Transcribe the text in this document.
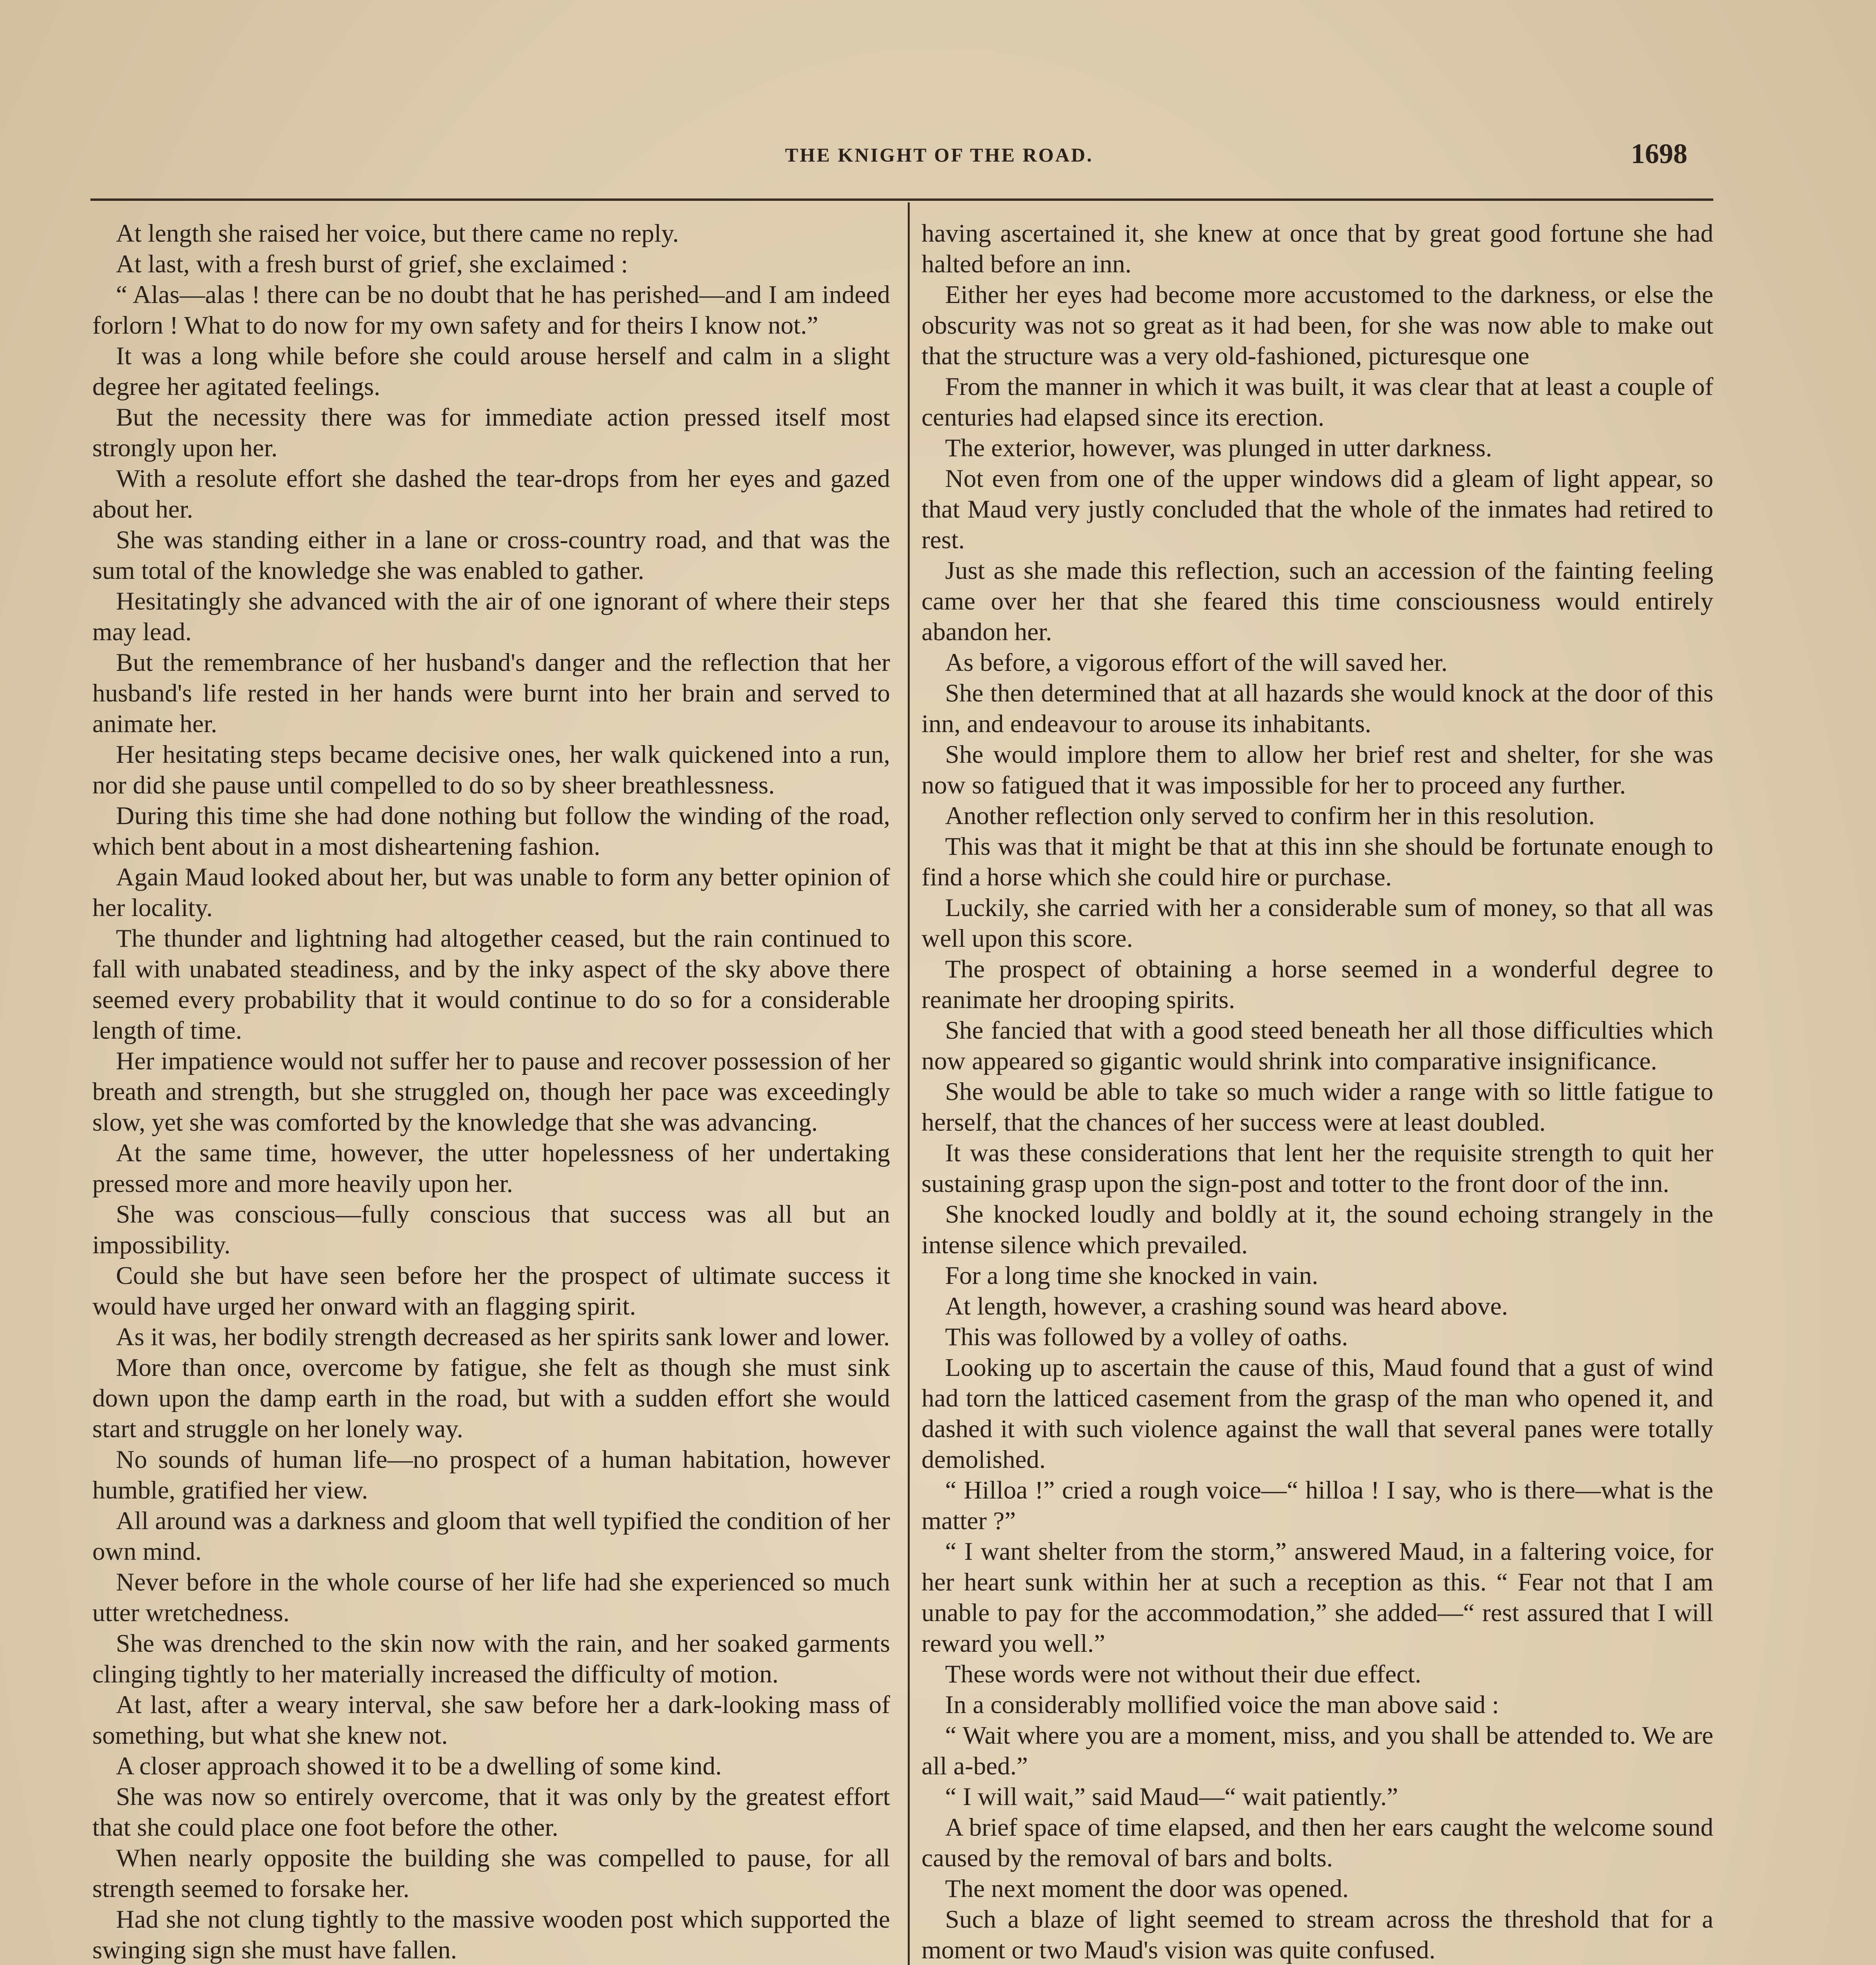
THE KNIGHT OF THE ROAD.	1698

At length she raised her voice, but there came no reply.

At last, with a fresh burst of grief, she exclaimed :

“ Alas—alas ! there can be no doubt that he has perished—and I am indeed forlorn ! What to do now for my own safety and for theirs I know not.”

It was a long while before she could arouse herself and calm in a slight degree her agitated feelings.

But the necessity there was for immediate action pressed itself most strongly upon her.

With a resolute effort she dashed the tear-drops from her eyes and gazed about her.

She was standing either in a lane or cross-country road, and that was the sum total of the knowledge she was enabled to gather.

Hesitatingly she advanced with the air of one ignorant of where their steps may lead.

But the remembrance of her husband's danger and the reflection that her husband's life rested in her hands were burnt into her brain and served to animate her.

Her hesitating steps became decisive ones, her walk quickened into a run, nor did she pause until compelled to do so by sheer breathlessness.

During this time she had done nothing but follow the winding of the road, which bent about in a most disheartening fashion.

Again Maud looked about her, but was unable to form any better opinion of her locality.

The thunder and lightning had altogether ceased, but the rain continued to fall with unabated steadiness, and by the inky aspect of the sky above there seemed every probability that it would continue to do so for a considerable length of time.

Her impatience would not suffer her to pause and recover possession of her breath and strength, but she struggled on, though her pace was exceedingly slow, yet she was comforted by the knowledge that she was advancing.

At the same time, however, the utter hopelessness of her undertaking pressed more and more heavily upon her.

She was conscious—fully conscious that success was all but an impossibility.

Could she but have seen before her the prospect of ultimate success it would have urged her onward with an flagging spirit.

As it was, her bodily strength decreased as her spirits sank lower and lower.

More than once, overcome by fatigue, she felt as though she must sink down upon the damp earth in the road, but with a sudden effort she would start and struggle on her lonely way.

No sounds of human life—no prospect of a human habitation, however humble, gratified her view.

All around was a darkness and gloom that well typified the condition of her own mind.

Never before in the whole course of her life had she experienced so much utter wretchedness.

She was drenched to the skin now with the rain, and her soaked garments clinging tightly to her materially increased the difficulty of motion.

At last, after a weary interval, she saw before her a dark-looking mass of something, but what she knew not.

A closer approach showed it to be a dwelling of some kind.

She was now so entirely overcome, that it was only by the greatest effort that she could place one foot before the other.

When nearly opposite the building she was compelled to pause, for all strength seemed to forsake her.

Had she not clung tightly to the massive wooden post which supported the swinging sign she must have fallen.

having ascertained it, she knew at once that by great good fortune she had halted before an inn.

Either her eyes had become more accustomed to the darkness, or else the obscurity was not so great as it had been, for she was now able to make out that the structure was a very old-fashioned, picturesque one

From the manner in which it was built, it was clear that at least a couple of centuries had elapsed since its erection.

The exterior, however, was plunged in utter darkness.

Not even from one of the upper windows did a gleam of light appear, so that Maud very justly concluded that the whole of the inmates had retired to rest.

Just as she made this reflection, such an accession of the fainting feeling came over her that she feared this time consciousness would entirely abandon her.

As before, a vigorous effort of the will saved her.

She then determined that at all hazards she would knock at the door of this inn, and endeavour to arouse its inhabitants.

She would implore them to allow her brief rest and shelter, for she was now so fatigued that it was impossible for her to proceed any further.

Another reflection only served to confirm her in this resolution.

This was that it might be that at this inn she should be fortunate enough to find a horse which she could hire or purchase.

Luckily, she carried with her a considerable sum of money, so that all was well upon this score.

The prospect of obtaining a horse seemed in a wonderful degree to reanimate her drooping spirits.

She fancied that with a good steed beneath her all those difficulties which now appeared so gigantic would shrink into comparative insignificance.

She would be able to take so much wider a range with so little fatigue to herself, that the chances of her success were at least doubled.

It was these considerations that lent her the requisite strength to quit her sustaining grasp upon the sign-post and totter to the front door of the inn.

She knocked loudly and boldly at it, the sound echoing strangely in the intense silence which prevailed.

For a long time she knocked in vain.

At length, however, a crashing sound was heard above.

This was followed by a volley of oaths.

Looking up to ascertain the cause of this, Maud found that a gust of wind had torn the latticed casement from the grasp of the man who opened it, and dashed it with such violence against the wall that several panes were totally demolished.

“ Hilloa !” cried a rough voice—“ hilloa ! I say, who is there—what is the matter ?”

“ I want shelter from the storm,” answered Maud, in a faltering voice, for her heart sunk within her at such a reception as this. “ Fear not that I am unable to pay for the accommodation,” she added—“ rest assured that I will reward you well.”

These words were not without their due effect.

In a considerably mollified voice the man above said :

“ Wait where you are a moment, miss, and you shall be attended to. We are all a-bed.”

“ I will wait,” said Maud—“ wait patiently.”

A brief space of time elapsed, and then her ears caught the welcome sound caused by the removal of bars and bolts.

The next moment the door was opened.

Such a blaze of light seemed to stream across the threshold that for a moment or two Maud's vision was quite confused.
